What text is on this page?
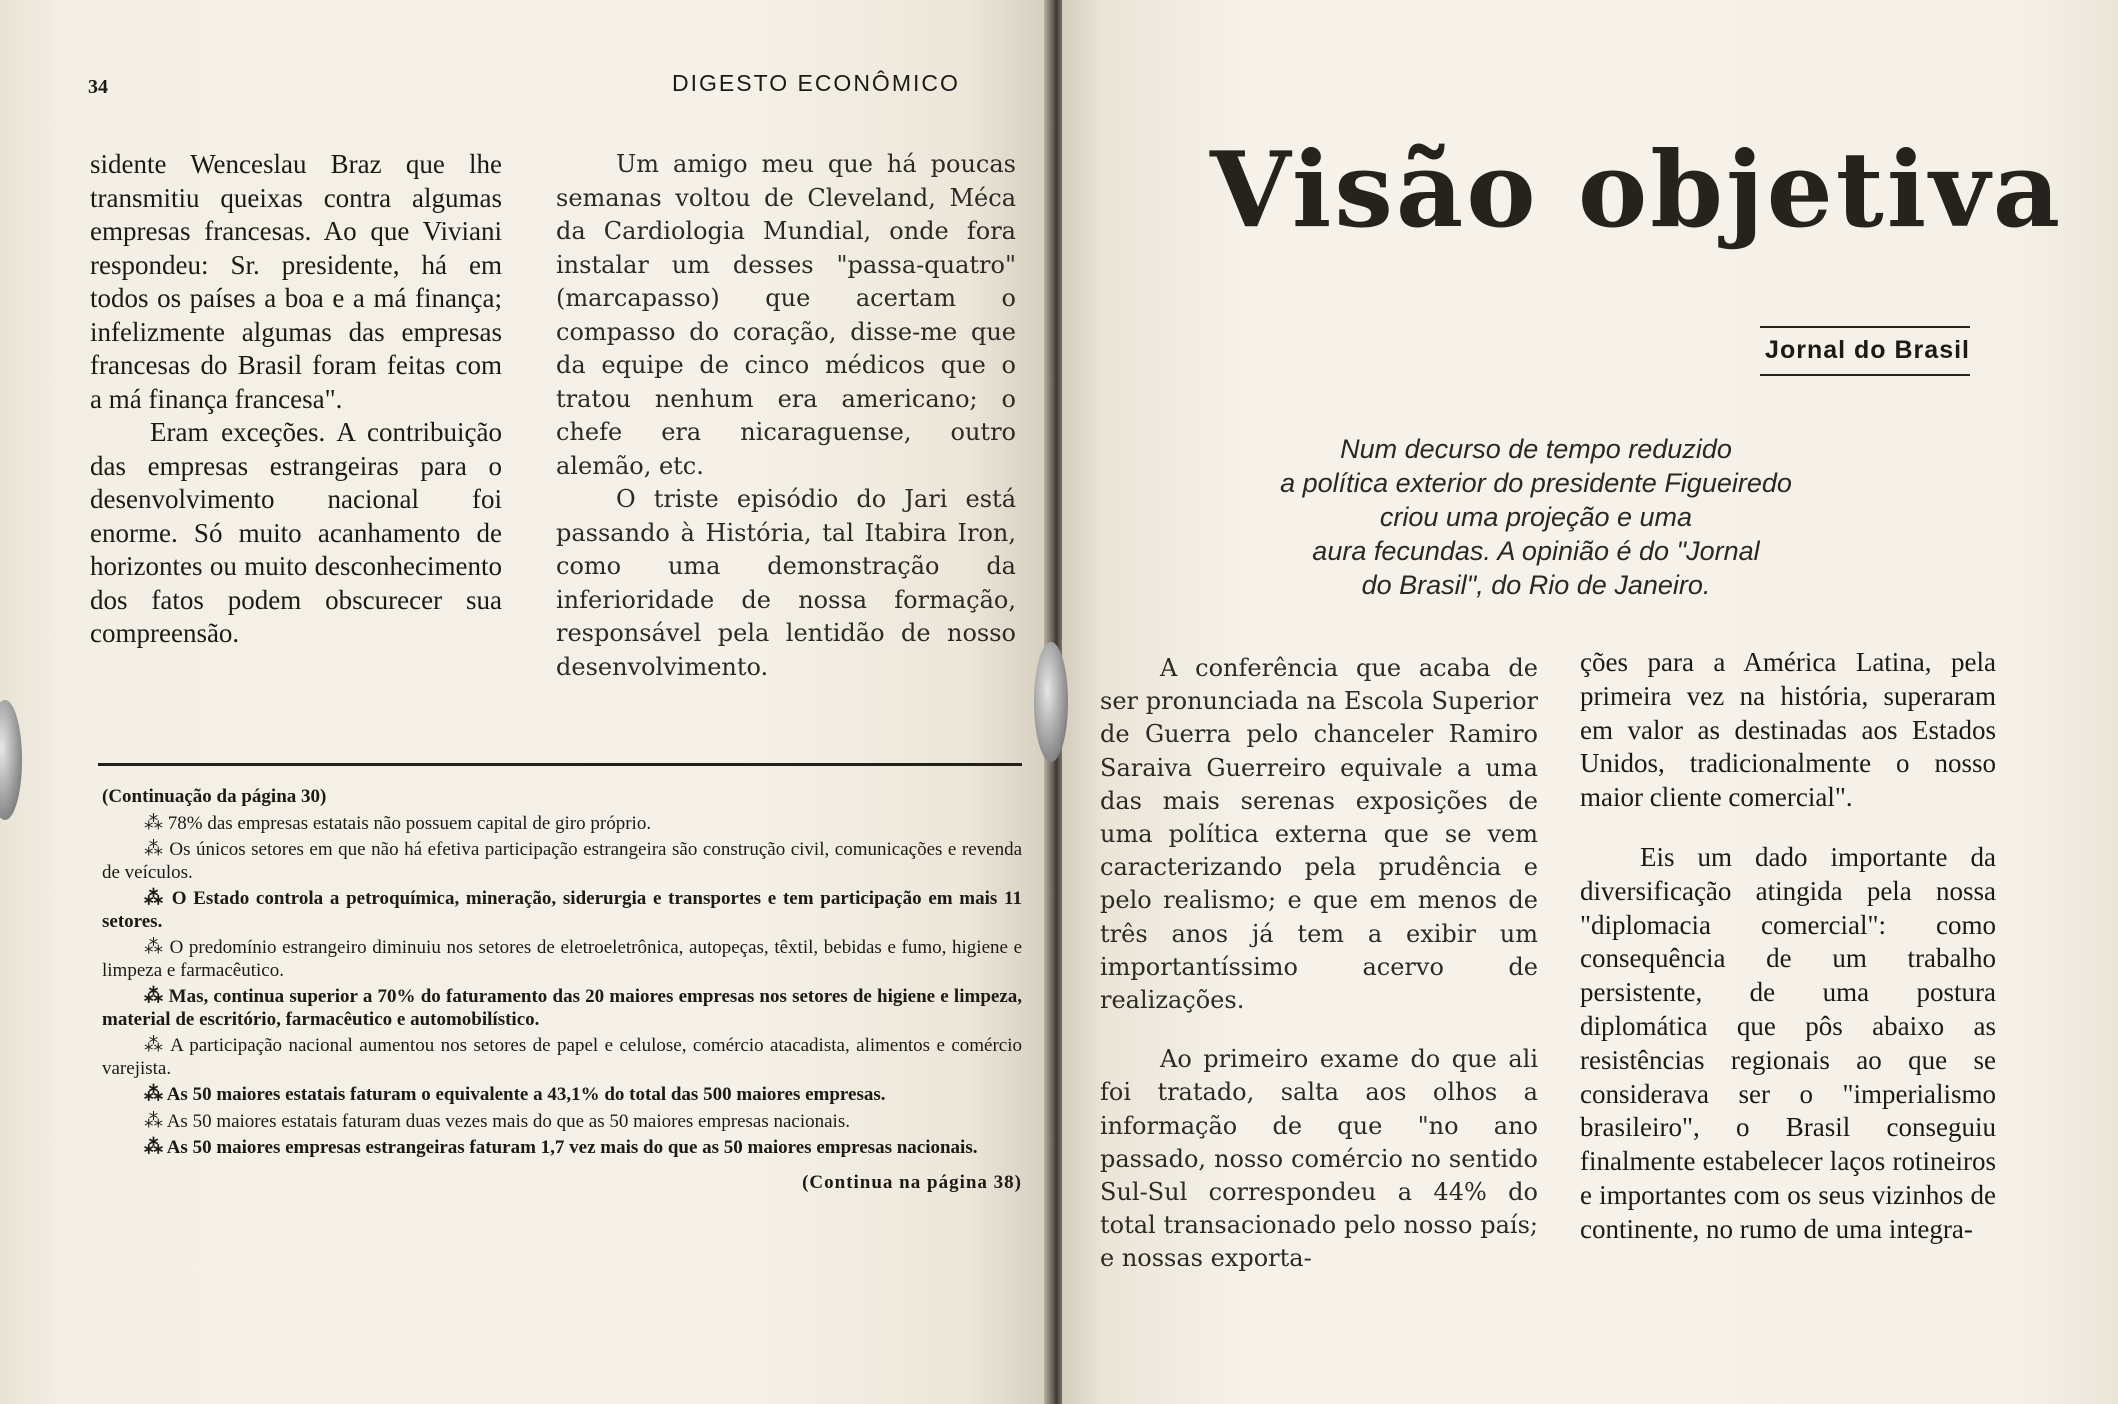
34	DIGESTO ECONÔMICO

sidente Wenceslau Braz que lhe transmitiu queixas contra algumas empresas francesas. Ao que Viviani respondeu: Sr. presidente, há em todos os países a boa e a má finança; infelizmente algumas das empresas francesas do Brasil foram feitas com a má finança francesa".

Eram exceções. A contribuição das empresas estrangeiras para o desenvolvimento nacional foi enorme. Só muito acanhamento de horizontes ou muito desconhecimento dos fatos podem obscurecer sua compreensão.

Um amigo meu que há poucas semanas voltou de Cleveland, Méca da Cardiologia Mundial, onde fora instalar um desses "passa-quatro" (marcapasso) que acertam o compasso do coração, disse-me que da equipe de cinco médicos que o tratou nenhum era americano; o chefe era nicaraguense, outro alemão, etc.

O triste episódio do Jari está passando à História, tal Itabira Iron, como uma demonstração da inferioridade de nossa formação, responsável pela lentidão de nosso desenvolvimento.

(Continuação da página 30)

⁂ 78% das empresas estatais não possuem capital de giro próprio.

⁂ Os únicos setores em que não há efetiva participação estrangeira são construção civil, comunicações e revenda de veículos.

⁂ O Estado controla a petroquímica, mineração, siderurgia e transportes e tem participação em mais 11 setores.

⁂ O predomínio estrangeiro diminuiu nos setores de eletroeletrônica, autopeças, têxtil, bebidas e fumo, higiene e limpeza e farmacêutico.

⁂ Mas, continua superior a 70% do faturamento das 20 maiores empresas nos setores de higiene e limpeza, material de escritório, farmacêutico e automobilístico.

⁂ A participação nacional aumentou nos setores de papel e celulose, comércio atacadista, alimentos e comércio varejista.

⁂ As 50 maiores estatais faturam o equivalente a 43,1% do total das 500 maiores empresas.

⁂ As 50 maiores estatais faturam duas vezes mais do que as 50 maiores empresas nacionais.

⁂ As 50 maiores empresas estrangeiras faturam 1,7 vez mais do que as 50 maiores empresas nacionais.

(Continua na página 38)

Visão objetiva
Jornal do Brasil

Num decurso de tempo reduzido

a política exterior do presidente Figueiredo

criou uma projeção e uma

aura fecundas. A opinião é do "Jornal

do Brasil", do Rio de Janeiro.

A conferência que acaba de ser pronunciada na Escola Superior de Guerra pelo chanceler Ramiro Saraiva Guerreiro equivale a uma das mais serenas exposições de uma política externa que se vem caracterizando pela prudência e pelo realismo; e que em menos de três anos já tem a exibir um importantíssimo acervo de realizações.

Ao primeiro exame do que ali foi tratado, salta aos olhos a informação de que "no ano passado, nosso comércio no sentido Sul-Sul correspondeu a 44% do total transacionado pelo nosso país; e nossas exporta-

ções para a América Latina, pela primeira vez na história, superaram em valor as destinadas aos Estados Unidos, tradicionalmente o nosso maior cliente comercial".

Eis um dado importante da diversificação atingida pela nossa "diplomacia comercial": como consequência de um trabalho persistente, de uma postura diplomática que pôs abaixo as resistências regionais ao que se considerava ser o "imperialismo brasileiro", o Brasil conseguiu finalmente estabelecer laços rotineiros e importantes com os seus vizinhos de continente, no rumo de uma integra-
